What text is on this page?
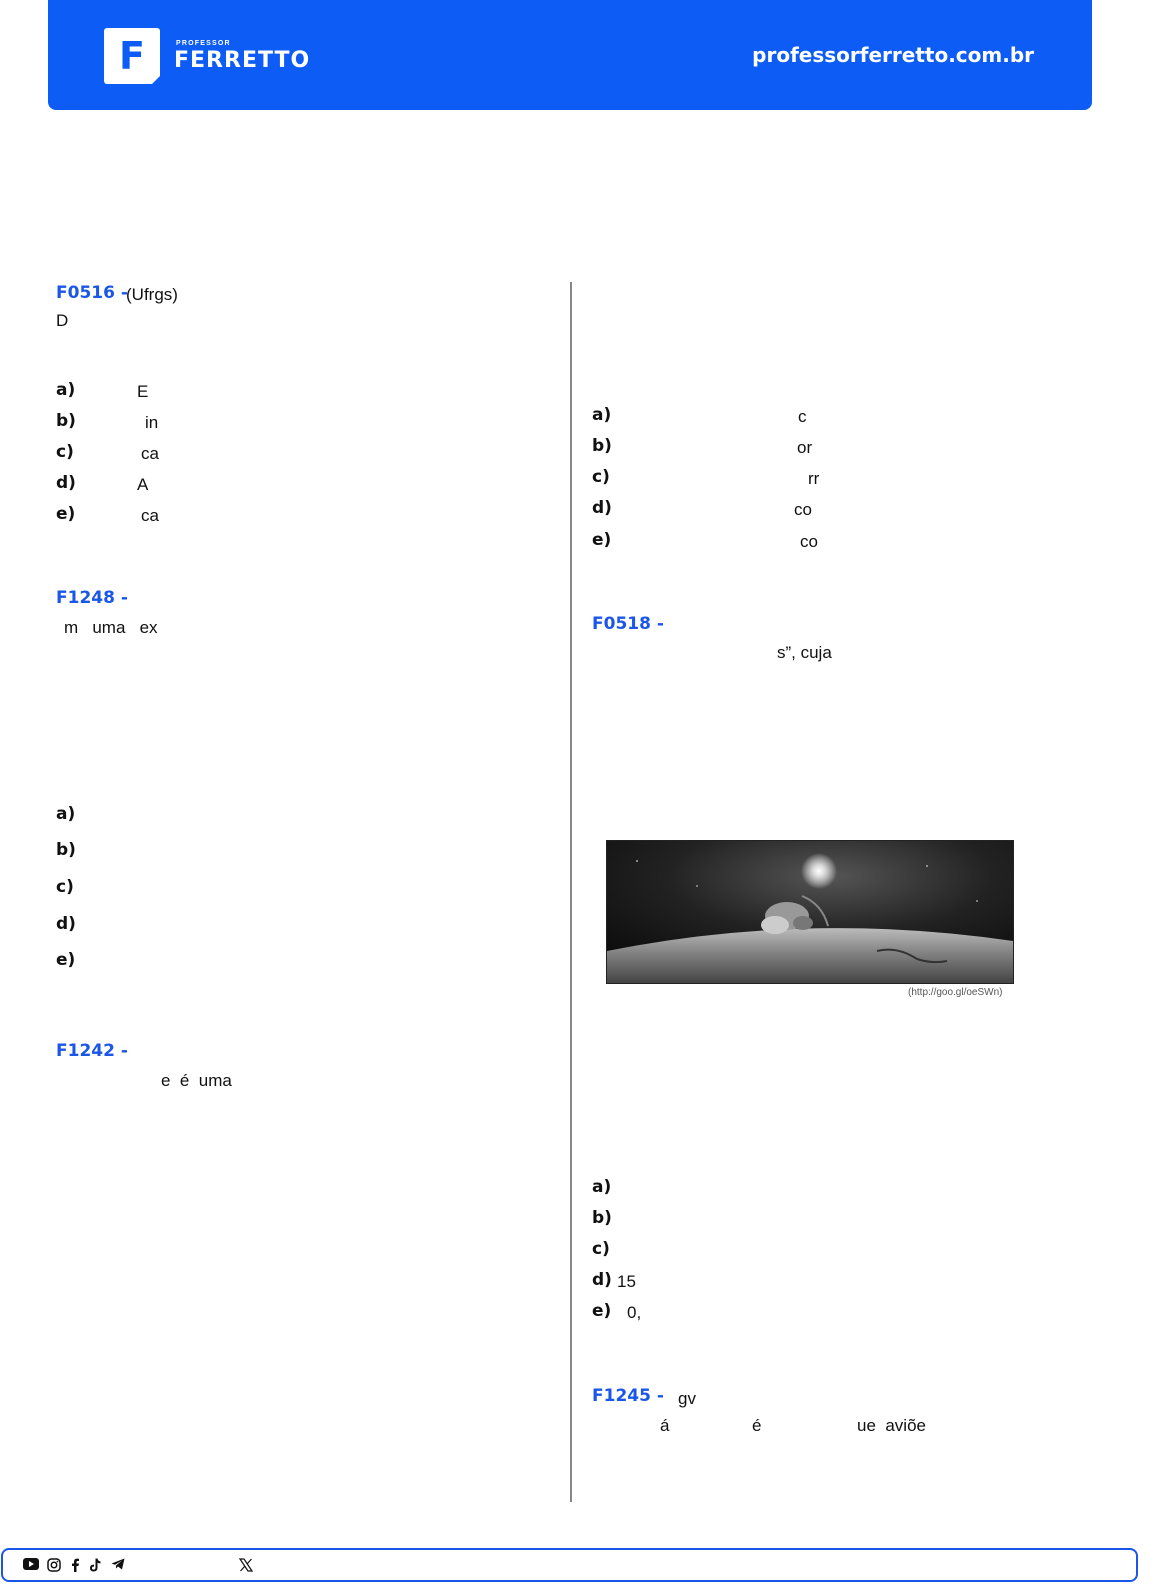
F	PROFESSOR
FERRETTO	professorferretto.com.br
F0516 -
(Ufrgs)
D
a)	E
b)	in
c)	ca
d)	A
e)	ca
F1248 -
m   uma   ex
a)
b)
c)
d)
e)
F1242 -
e  é  uma
a)	c
b)	or
c)	rr
d)	co
e)	co
F0518 -
s”, cuja
(http://goo.gl/oeSWn)
a)
b)
c)
d) 15
e) 0,
F1245 - gv
á	é	ue  aviõe
